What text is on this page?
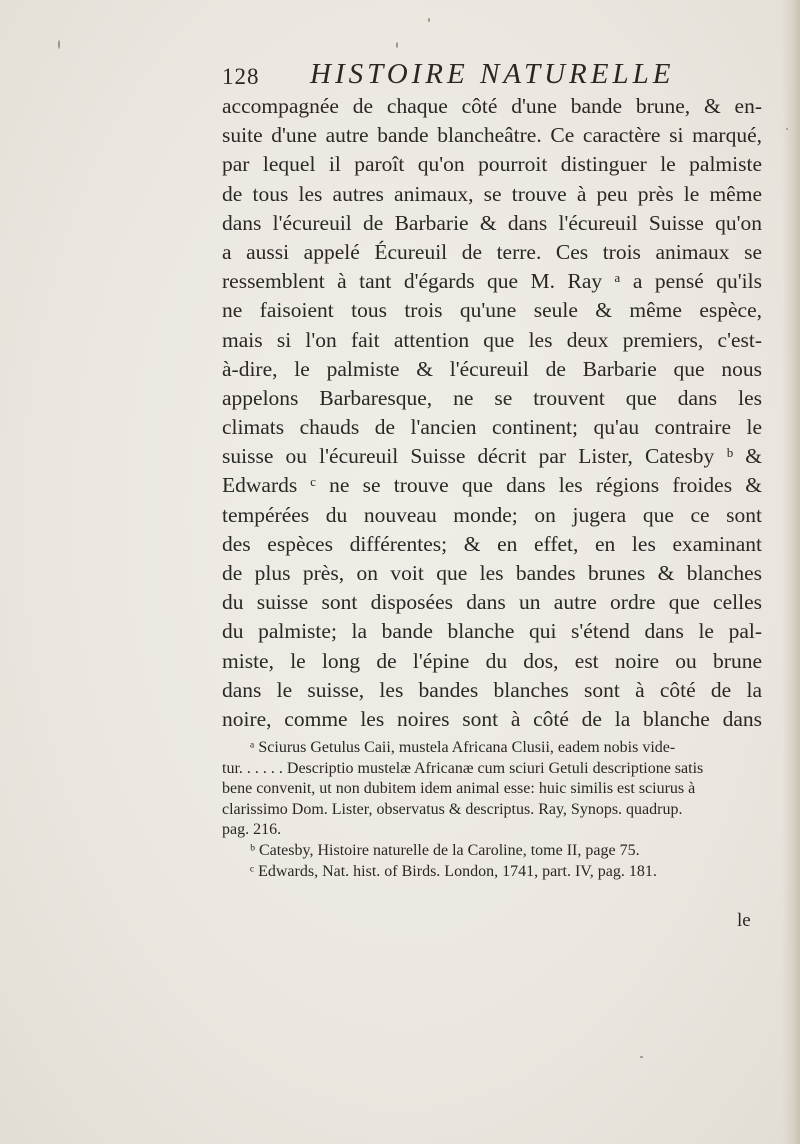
128 HISTOIRE NATURELLE
accompagnée de chaque côté d'une bande brune, & en-
suite d'une autre bande blancheâtre. Ce caractère si marqué,
par lequel il paroît qu'on pourroit distinguer le palmiste
de tous les autres animaux, se trouve à peu près le même
dans l'écureuil de Barbarie & dans l'écureuil Suisse qu'on
a aussi appelé Écureuil de terre. Ces trois animaux se
ressemblent à tant d'égards que M. Ray ᵃ a pensé qu'ils
ne faisoient tous trois qu'une seule & même espèce,
mais si l'on fait attention que les deux premiers, c'est-
à-dire, le palmiste & l'écureuil de Barbarie que nous
appelons Barbaresque, ne se trouvent que dans les
climats chauds de l'ancien continent; qu'au contraire le
suisse ou l'écureuil Suisse décrit par Lister, Catesby ᵇ &
Edwards ᶜ ne se trouve que dans les régions froides &
tempérées du nouveau monde; on jugera que ce sont
des espèces différentes; & en effet, en les examinant
de plus près, on voit que les bandes brunes & blanches
du suisse sont disposées dans un autre ordre que celles
du palmiste; la bande blanche qui s'étend dans le pal-
miste, le long de l'épine du dos, est noire ou brune
dans le suisse, les bandes blanches sont à côté de la
noire, comme les noires sont à côté de la blanche dans
ᵃ Sciurus Getulus Caii, mustela Africana Clusii, eadem nobis vide-
tur. . . . . . Descriptio mustelæ Africanæ cum sciuri Getuli descriptione satis
bene convenit, ut non dubitem idem animal esse: huic similis est sciurus à
clarissimo Dom. Lister, observatus & descriptus. Ray, Synops. quadrup.
pag. 216.
ᵇ Catesby, Histoire naturelle de la Caroline, tome II, page 75.
ᶜ Edwards, Nat. hist. of Birds. London, 1741, part. IV, pag. 181.
le
